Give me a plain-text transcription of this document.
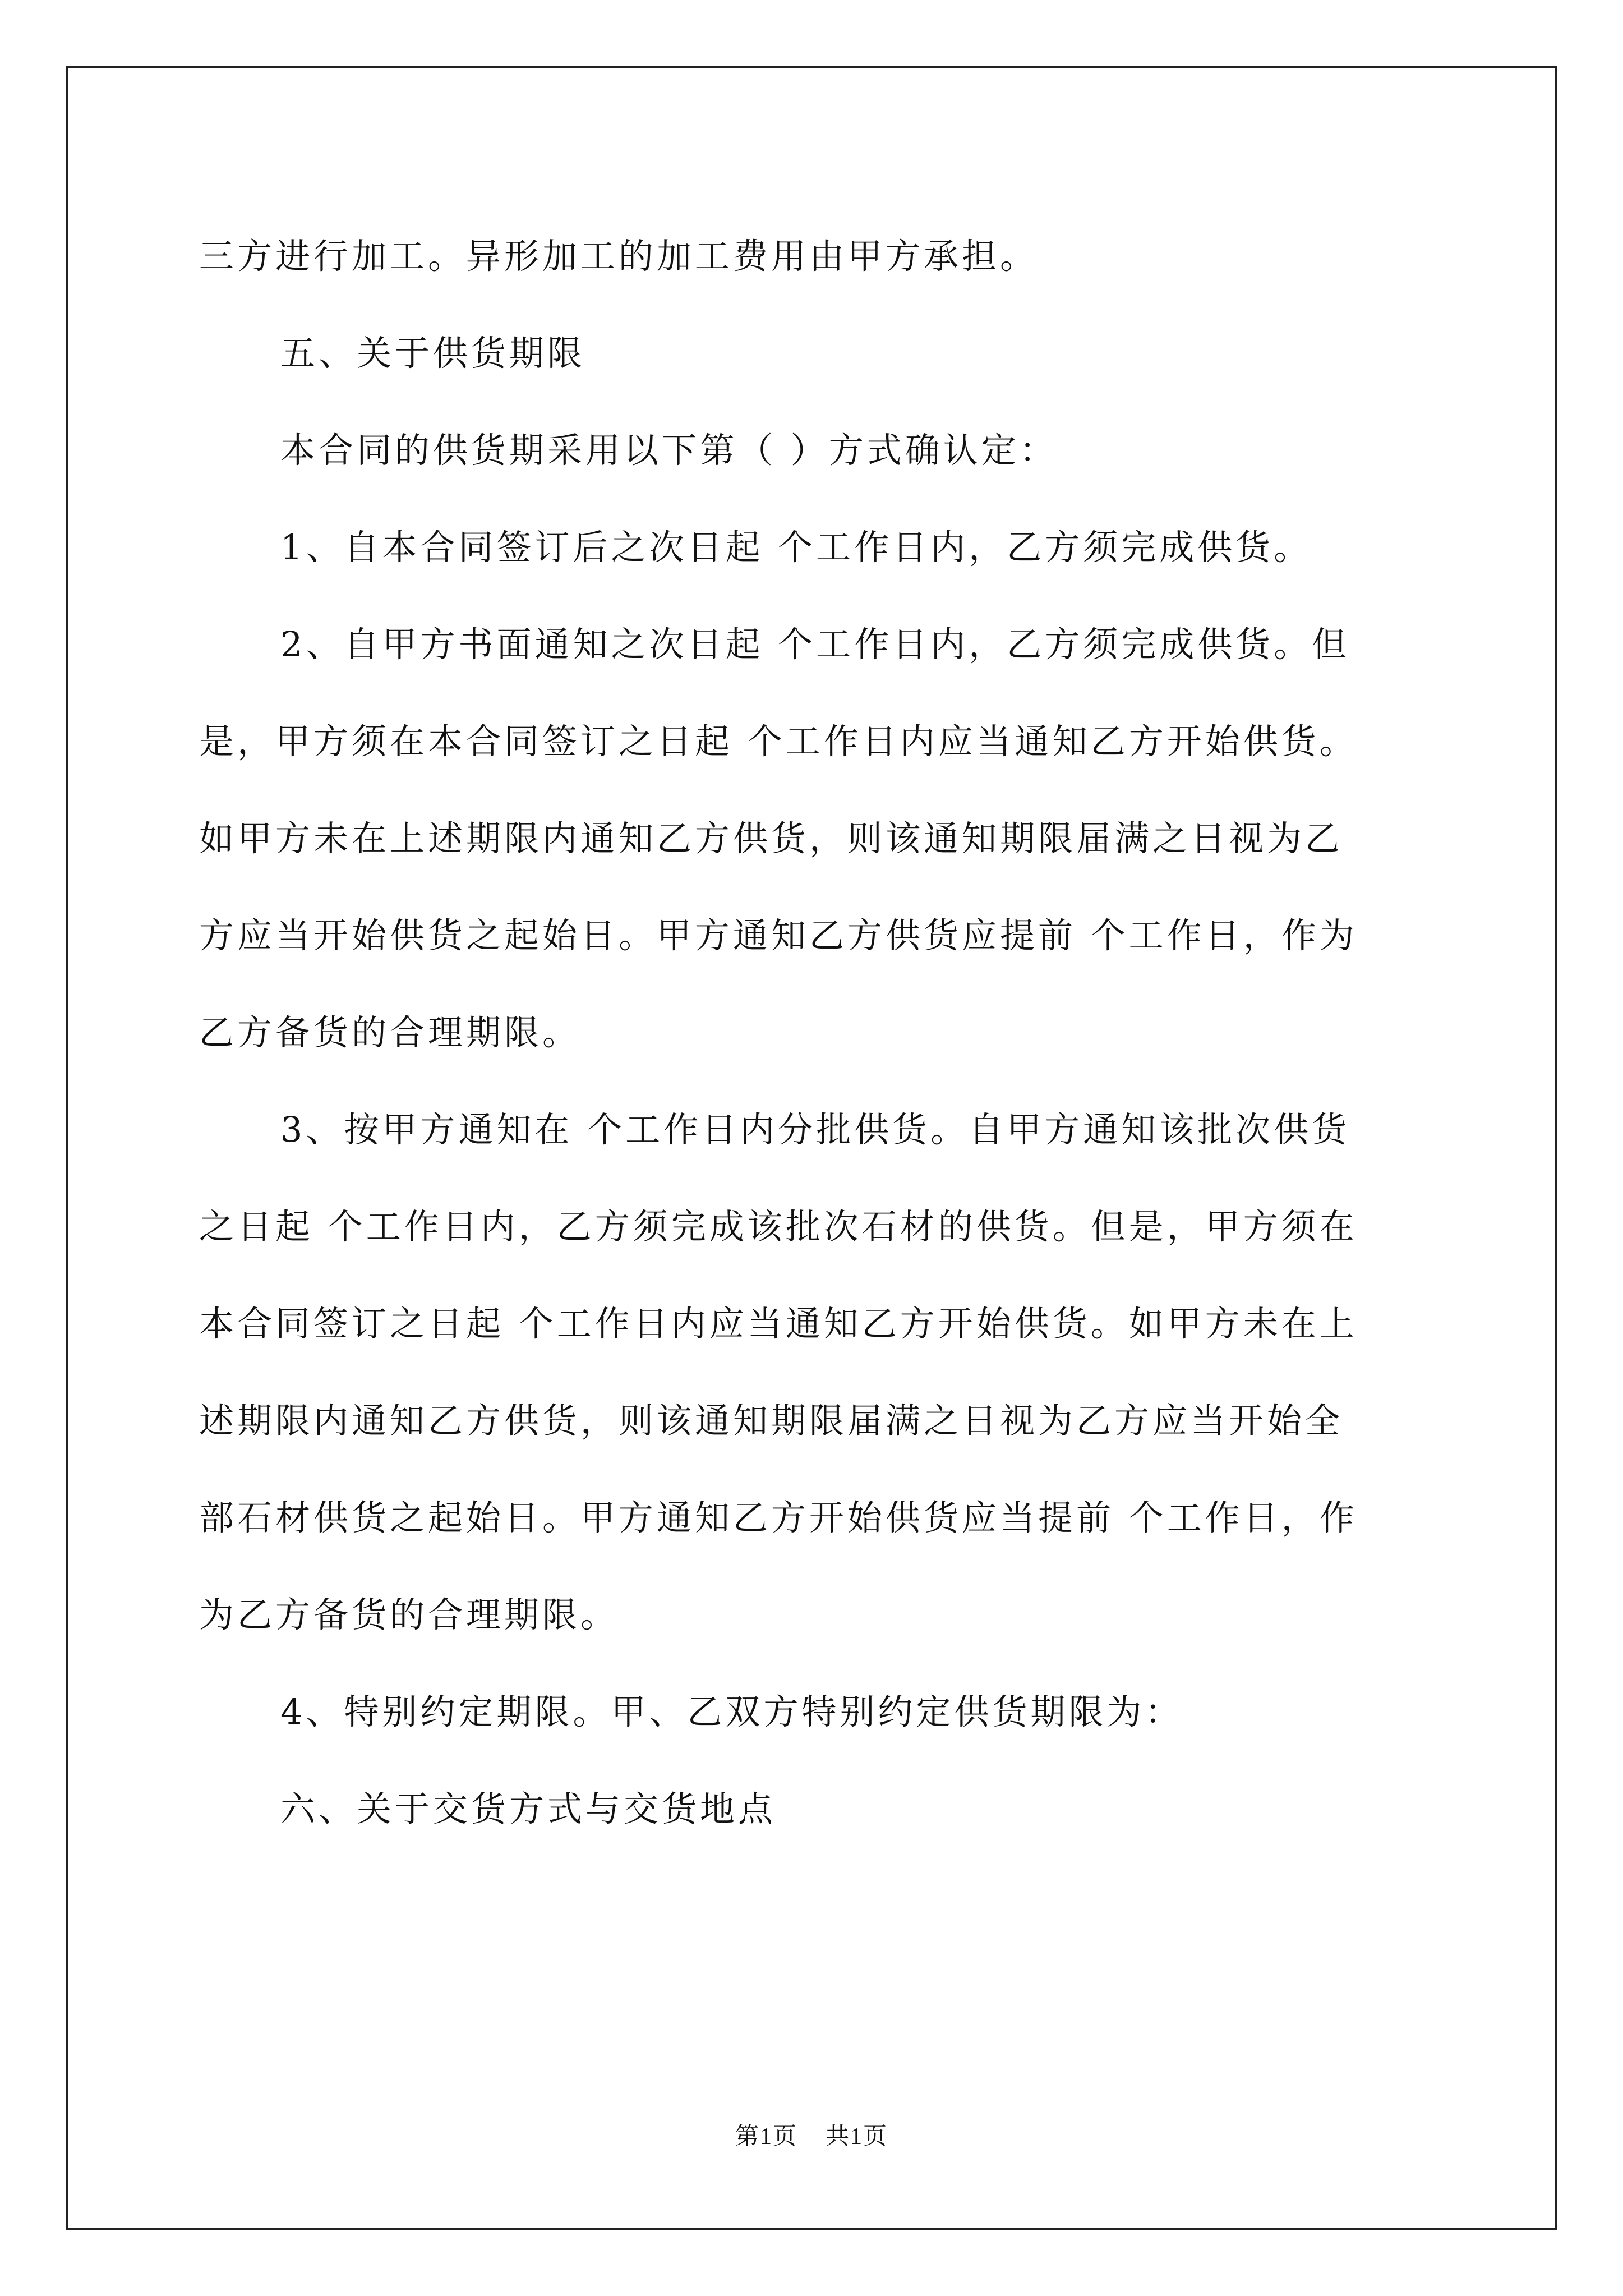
三方进行加工。异形加工的加工费用由甲方承担。

五、关于供货期限

本合同的供货期采用以下第（ ）方式确认定：

1、自本合同签订后之次日起 个工作日内，乙方须完成供货。

2、自甲方书面通知之次日起 个工作日内，乙方须完成供货。但

是，甲方须在本合同签订之日起 个工作日内应当通知乙方开始供货。

如甲方未在上述期限内通知乙方供货，则该通知期限届满之日视为乙

方应当开始供货之起始日。甲方通知乙方供货应提前 个工作日，作为

乙方备货的合理期限。

3、按甲方通知在 个工作日内分批供货。自甲方通知该批次供货

之日起 个工作日内，乙方须完成该批次石材的供货。但是，甲方须在

本合同签订之日起 个工作日内应当通知乙方开始供货。如甲方未在上

述期限内通知乙方供货，则该通知期限届满之日视为乙方应当开始全

部石材供货之起始日。甲方通知乙方开始供货应当提前 个工作日，作

为乙方备货的合理期限。

4、特别约定期限。甲、乙双方特别约定供货期限为：

六、关于交货方式与交货地点

第1页 共1页
